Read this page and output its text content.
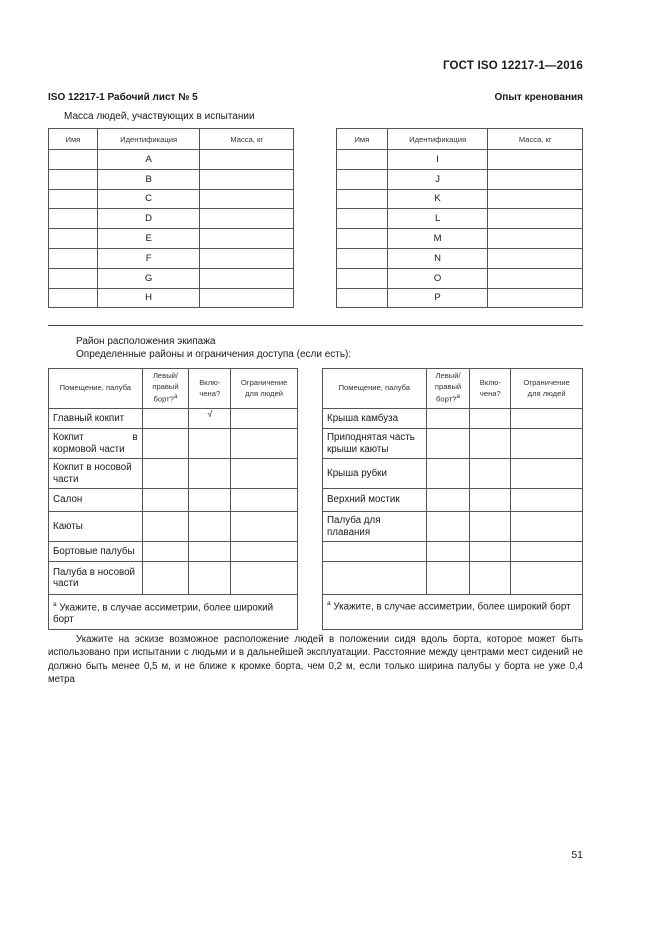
ГОСТ ISO 12217-1—2016
ISO 12217-1 Рабочий лист № 5	Опыт кренования
Масса людей, участвующих в испытании
Имя	Идентификация	Масса, кг
	A	
	B	
	C	
	D	
	E	
	F	
	G	
	H	
Имя	Идентификация	Масса, кг
	I	
	J	
	K	
	L	
	M	
	N	
	O	
	P	
Район расположения экипажа
Определенные районы и ограничения доступа (если есть):
Помещение, палуба	Левый/
правый
борт?$^а$	Вклю-
чена?	Ограничение
для людей
Главный кокпит		√	
Кокпит в кормовой части			
Кокпит в носовой части			
Салон			
Каюты			
Бортовые палубы			
Палуба в носовой части			
$^а$ Укажите, в случае ассиметрии, более широкий борт			
Помещение, палуба	Левый/
правый
борт?$^а$	Вклю-
чена?	Ограничение
для людей
Крыша камбуза			
Приподнятая часть крыши каюты			
Крыша рубки			
Верхний мостик			
Палуба для плавания			

$^а$ Укажите, в случае ассиметрии, более широкий борт			
Укажите на эскизе возможное расположение людей в положении сидя вдоль борта, которое может быть использовано при испытании с людьми и в дальнейшей эксплуатации. Расстояние между центрами мест сидений не должно быть менее 0,5 м, и не ближе к кромке борта, чем 0,2 м, если только ширина палубы у борта не уже 0,4 метра
51
